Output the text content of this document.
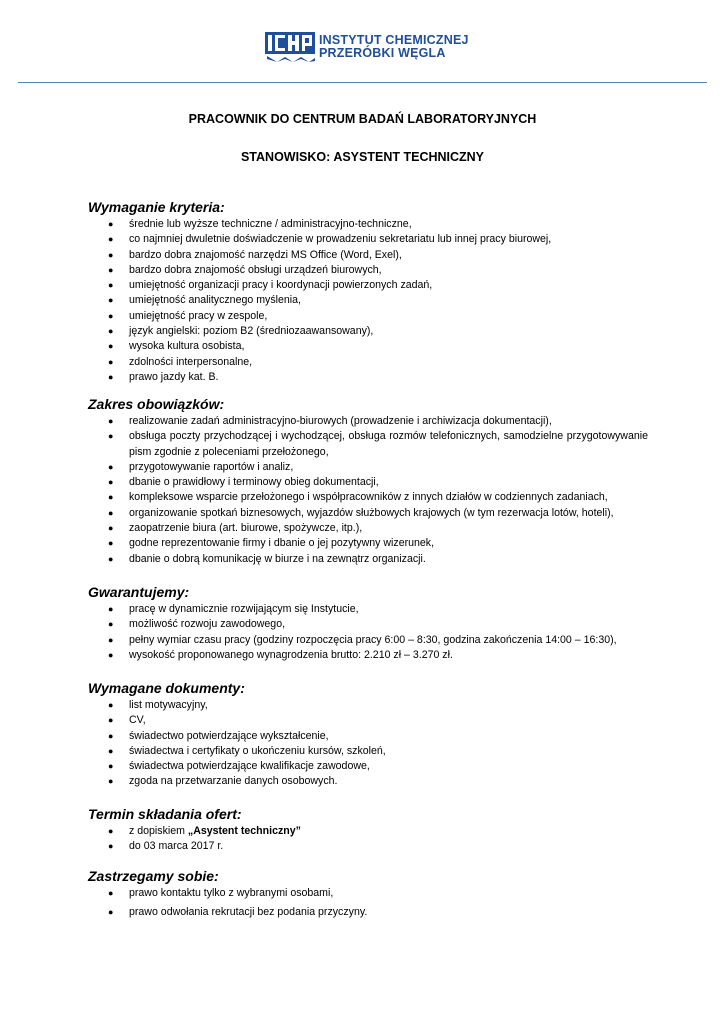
INSTYTUT CHEMICZNEJ
PRZERÓBKI WĘGLA
PRACOWNIK DO CENTRUM BADAŃ LABORATORYJNYCH
STANOWISKO: ASYSTENT TECHNICZNY
Wymaganie kryteria:
● średnie lub wyższe techniczne / administracyjno-techniczne,
● co najmniej dwuletnie doświadczenie w prowadzeniu sekretariatu lub innej pracy biurowej,
● bardzo dobra znajomość narzędzi MS Office (Word, Exel),
● bardzo dobra znajomość obsługi urządzeń biurowych,
● umiejętność organizacji pracy i koordynacji powierzonych zadań,
● umiejętność analitycznego myślenia,
● umiejętność pracy w zespole,
● język angielski: poziom B2 (średniozaawansowany),
● wysoka kultura osobista,
● zdolności interpersonalne,
● prawo jazdy kat. B.
Zakres obowiązków:
● realizowanie zadań administracyjno-biurowych (prowadzenie i archiwizacja dokumentacji),
● obsługa poczty przychodzącej i wychodzącej, obsługa rozmów telefonicznych, samodzielne przygotowywanie pism zgodnie z poleceniami przełożonego,
● przygotowywanie raportów i analiz,
● dbanie o prawidłowy i terminowy obieg dokumentacji,
● kompleksowe wsparcie przełożonego i współpracowników z innych działów w codziennych zadaniach,
● organizowanie spotkań biznesowych, wyjazdów służbowych krajowych (w tym rezerwacja lotów, hoteli),
● zaopatrzenie biura (art. biurowe, spożywcze, itp.),
● godne reprezentowanie firmy i dbanie o jej pozytywny wizerunek,
● dbanie o dobrą komunikację w biurze i na zewnątrz organizacji.
Gwarantujemy:
● pracę w dynamicznie rozwijającym się Instytucie,
● możliwość rozwoju zawodowego,
● pełny wymiar czasu pracy (godziny rozpoczęcia pracy 6:00 – 8:30, godzina zakończenia 14:00 – 16:30),
● wysokość proponowanego wynagrodzenia brutto: 2.210 zł – 3.270 zł.
Wymagane dokumenty:
● list motywacyjny,
● CV,
● świadectwo potwierdzające wykształcenie,
● świadectwa i certyfikaty o ukończeniu kursów, szkoleń,
● świadectwa potwierdzające kwalifikacje zawodowe,
● zgoda na przetwarzanie danych osobowych.
Termin składania ofert:
● z dopiskiem „Asystent techniczny”
● do 03 marca 2017 r.
Zastrzegamy sobie:
● prawo kontaktu tylko z wybranymi osobami,
● prawo odwołania rekrutacji bez podania przyczyny.
